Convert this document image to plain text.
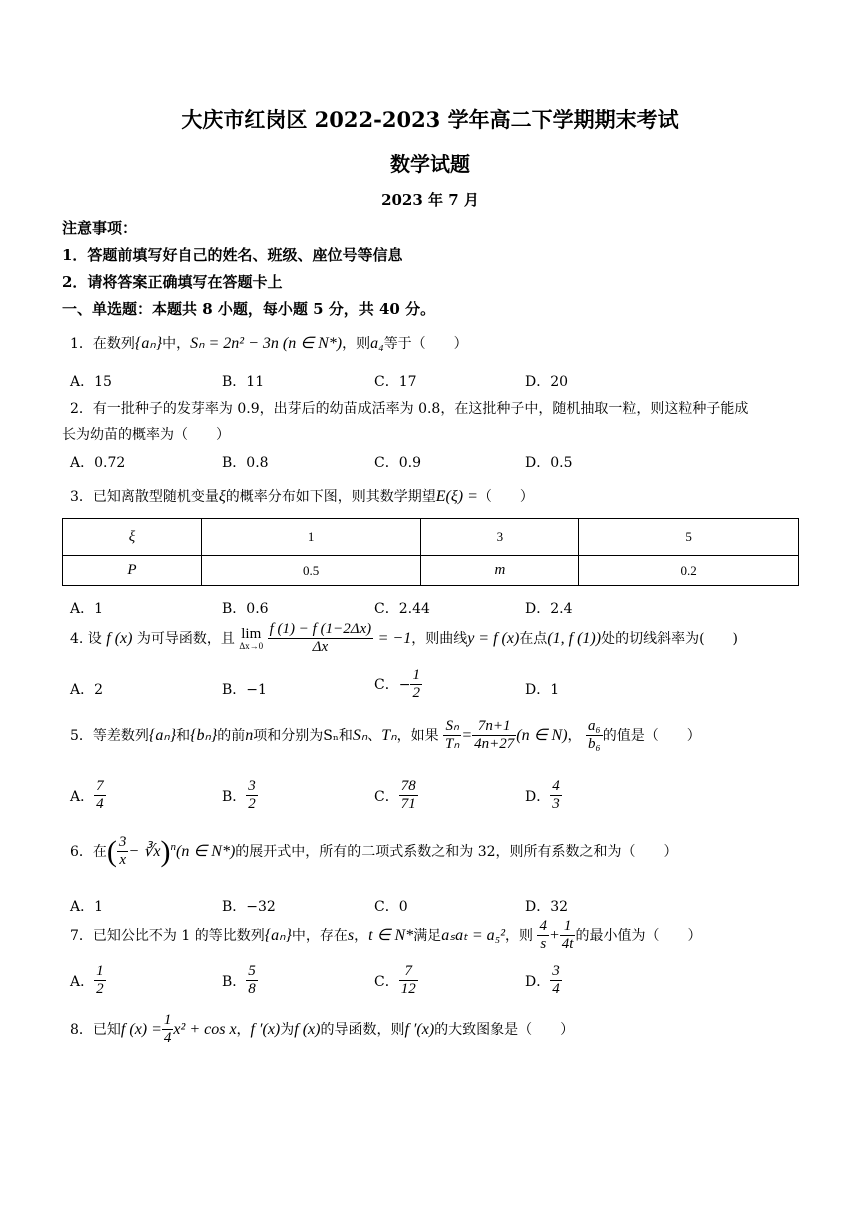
大庆市红岗区 2022-2023 学年高二下学期期末考试
数学试题
2023 年 7 月
注意事项：
1．答题前填写好自己的姓名、班级、座位号等信息
2．请将答案正确填写在答题卡上
一、单选题：本题共 8 小题，每小题 5 分，共 40 分。
1．在数列{aₙ}中，Sₙ = 2n² − 3n (n ∈ N*)，则a₄等于（　　）
A．15	B．11	C．17	D．20
2．有一批种子的发芽率为 0.9，出芽后的幼苗成活率为 0.8，在这批种子中，随机抽取一粒，则这粒种子能成
长为幼苗的概率为（　　）
A．0.72	B．0.8	C．0.9	D．0.5
3．已知离散型随机变量ξ的概率分布如下图，则其数学期望E(ξ) =（　　）
ξ	1	3	5
P	0.5	m	0.2
A．1	B．0.6	C．2.44	D．2.4
4. 设 f (x) 为可导函数，且 lim
Δx→0
$\frac{f (1) - f (1-2\Delta x)}{\Delta x} = -1$，则曲线y = f (x)在点(1, f (1))处的切线斜率为(　　)
A．2	B．−1	C．− $\frac{1}{2}$	D．1
5．等差数列{aₙ}和{bₙ}的前n项和分别为Sₙ和Sₙ、Tₙ，如果 $\frac{\text{Sₙ}}{\text{Tₙ}} = \frac{7n+1}{4n+27} (n$ ∈ N)， $\frac{\text{a₆}}{\text{b₆}}$ 的值是（　　）
A． $\frac{7}{4}$	B． $\frac{3}{2}$	C． $\frac{78}{71}$	D． $\frac{4}{3}$
6．在( $\frac{3}{x}$ − ∛x)$^n$(n ∈ N*)的展开式中，所有的二项式系数之和为 32，则所有系数之和为（　　）
A．1	B．−32	C．0	D．32
7．已知公比不为 1 的等比数列{aₙ}中，存在s，t ∈ N*满足aₛaₜ = a₅²，则 $\frac{4}{s} + \frac{1}{4t}$ 的最小值为（　　）
A． $\frac{1}{2}$	B． $\frac{5}{8}$	C． $\frac{7}{12}$	D． $\frac{3}{4}$
8．已知f $(x) = \frac{1}{4} x^2 + \cos x$，f ′(x)为f (x)的导函数，则f ′(x)的大致图象是（　　）
